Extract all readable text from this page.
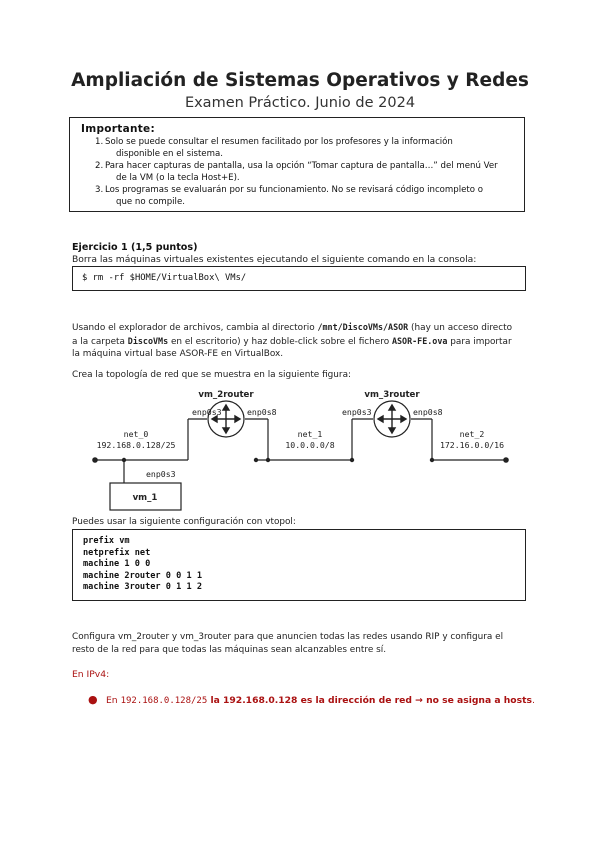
Ampliación de Sistemas Operativos y Redes
Examen Práctico. Junio de 2024
Importante:
1. Solo se puede consultar el resumen facilitado por los profesores y la información
disponible en el sistema.
2. Para hacer capturas de pantalla, usa la opción “Tomar captura de pantalla…” del menú Ver
de la VM (o la tecla Host+E).
3. Los programas se evaluarán por su funcionamiento. No se revisará código incompleto o
que no compile.
Ejercicio 1 (1,5 puntos)
Borra las máquinas virtuales existentes ejecutando el siguiente comando en la consola:
$ rm -rf $HOME/VirtualBox\ VMs/
Usando el explorador de archivos, cambia al directorio /mnt/DiscoVMs/ASOR (hay un acceso directo
a la carpeta DiscoVMs en el escritorio) y haz doble-click sobre el fichero ASOR-FE.ova para importar
la máquina virtual base ASOR-FE en VirtualBox.
Crea la topología de red que se muestra en la siguiente figura:
vm_2router	vm_3router
enp0s3	enp0s8	enp0s3	enp0s8
net_0
192.168.0.128/25
net_1
10.0.0.0/8
net_2
172.16.0.0/16
enp0s3
vm_1
Puedes usar la siguiente configuración con vtopol:
prefix vm
netprefix net
machine 1 0 0
machine 2router 0 0 1 1
machine 3router 0 1 1 2
Configura vm_2router y vm_3router para que anuncien todas las redes usando RIP y configura el
resto de la red para que todas las máquinas sean alcanzables entre sí.
En IPv4:
● En 192.168.0.128/25 la 192.168.0.128 es la dirección de red → no se asigna a hosts.
